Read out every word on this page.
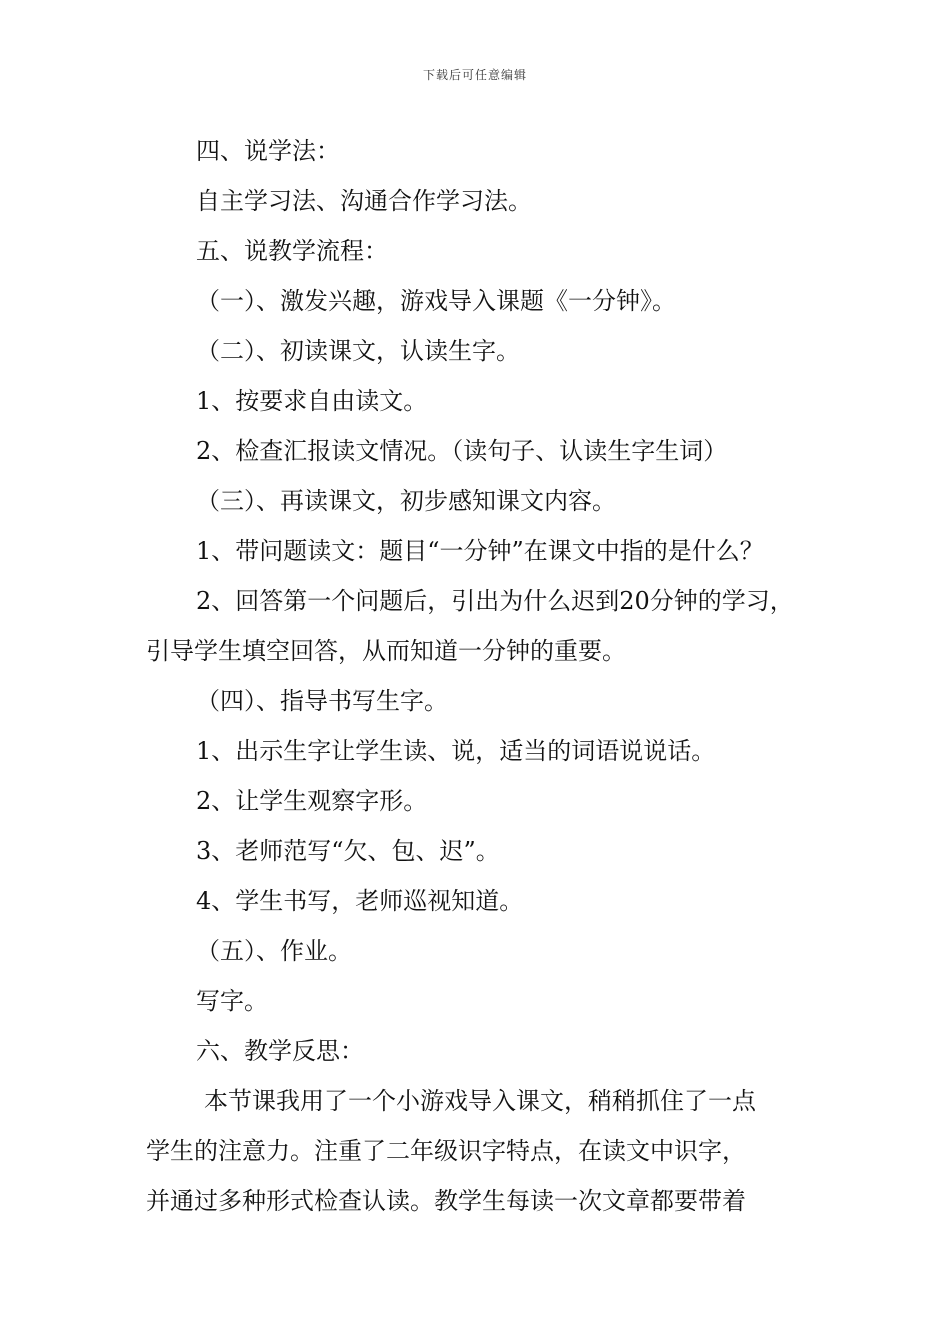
下载后可任意编辑
四、说学法：
自主学习法、沟通合作学习法。
五、说教学流程：
（一）、激发兴趣，游戏导入课题《一分钟》。
（二）、初读课文，认读生字。
1、按要求自由读文。
2、检查汇报读文情况。（读句子、认读生字生词）
（三）、再读课文，初步感知课文内容。
1、带问题读文：题目“一分钟”在课文中指的是什么？
2、回答第一个问题后，引出为什么迟到20分钟的学习，
引导学生填空回答，从而知道一分钟的重要。
（四）、指导书写生字。
1、出示生字让学生读、说，适当的词语说说话。
2、让学生观察字形。
3、老师范写“欠、包、迟”。
4、学生书写，老师巡视知道。
（五）、作业。
写字。
六、教学反思：
本节课我用了一个小游戏导入课文，稍稍抓住了一点
学生的注意力。注重了二年级识字特点，在读文中识字，
并通过多种形式检查认读。教学生每读一次文章都要带着
